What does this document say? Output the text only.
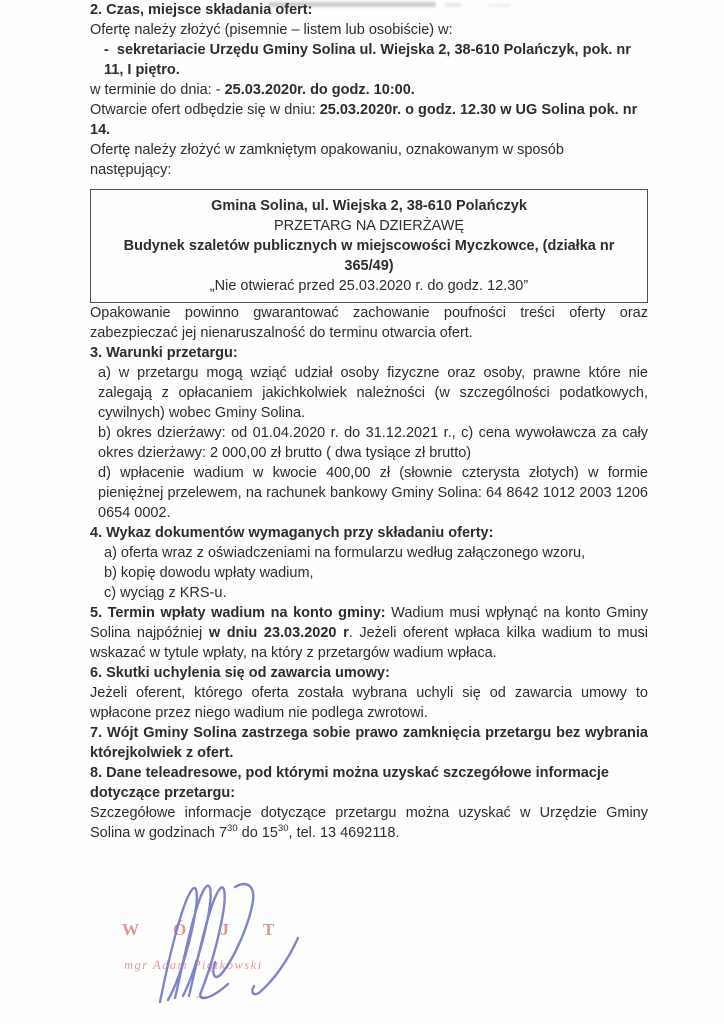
2. Czas, miejsce składania ofert:

Ofertę należy złożyć (pisemnie – listem lub osobiście) w:

- sekretariacie Urzędu Gminy Solina ul. Wiejska 2, 38-610 Polańczyk, pok. nr 11, I piętro.

w terminie do dnia: - 25.03.2020r. do godz. 10:00.

Otwarcie ofert odbędzie się w dniu: 25.03.2020r. o godz. 12.30 w UG Solina pok. nr 14.

Ofertę należy złożyć w zamkniętym opakowaniu, oznakowanym w sposób następujący:

Gmina Solina, ul. Wiejska 2, 38-610 Polańczyk

PRZETARG NA DZIERŻAWĘ

Budynek szaletów publicznych w miejscowości Myczkowce, (działka nr 365/49)

„Nie otwierać przed 25.03.2020 r. do godz. 12.30”

Opakowanie powinno gwarantować zachowanie poufności treści oferty oraz zabezpieczać jej nienaruszalność do terminu otwarcia ofert.

3. Warunki przetargu:

a) w przetargu mogą wziąć udział osoby fizyczne oraz osoby, prawne które nie zalegają z opłacaniem jakichkolwiek należności (w szczególności podatkowych, cywilnych) wobec Gminy Solina.

b) okres dzierżawy: od 01.04.2020 r. do 31.12.2021 r., c) cena wywoławcza za cały okres dzierżawy: 2 000,00 zł brutto ( dwa tysiące zł brutto)

d) wpłacenie wadium w kwocie 400,00 zł (słownie czterysta złotych) w formie pieniężnej przelewem, na rachunek bankowy Gminy Solina: 64 8642 1012 2003 1206 0654 0002.

4. Wykaz dokumentów wymaganych przy składaniu oferty:

a) oferta wraz z oświadczeniami na formularzu według załączonego wzoru,

b) kopię dowodu wpłaty wadium,

c) wyciąg z KRS-u.

5. Termin wpłaty wadium na konto gminy: Wadium musi wpłynąć na konto Gminy Solina najpóźniej w dniu 23.03.2020 r. Jeżeli oferent wpłaca kilka wadium to musi wskazać w tytule wpłaty, na który z przetargów wadium wpłaca.

6. Skutki uchylenia się od zawarcia umowy:

Jeżeli oferent, którego oferta została wybrana uchyli się od zawarcia umowy to wpłacone przez niego wadium nie podlega zwrotowi.

7. Wójt Gminy Solina zastrzega sobie prawo zamknięcia przetargu bez wybrania którejkolwiek z ofert.

8. Dane teleadresowe, pod którymi można uzyskać szczegółowe informacje dotyczące przetargu:

Szczegółowe informacje dotyczące przetargu można uzyskać w Urzędzie Gminy Solina w godzinach $7^{30}$ do $15^{30}$, tel. 13 4692118.

W Ó J T
mgr Adam Piątkowski
